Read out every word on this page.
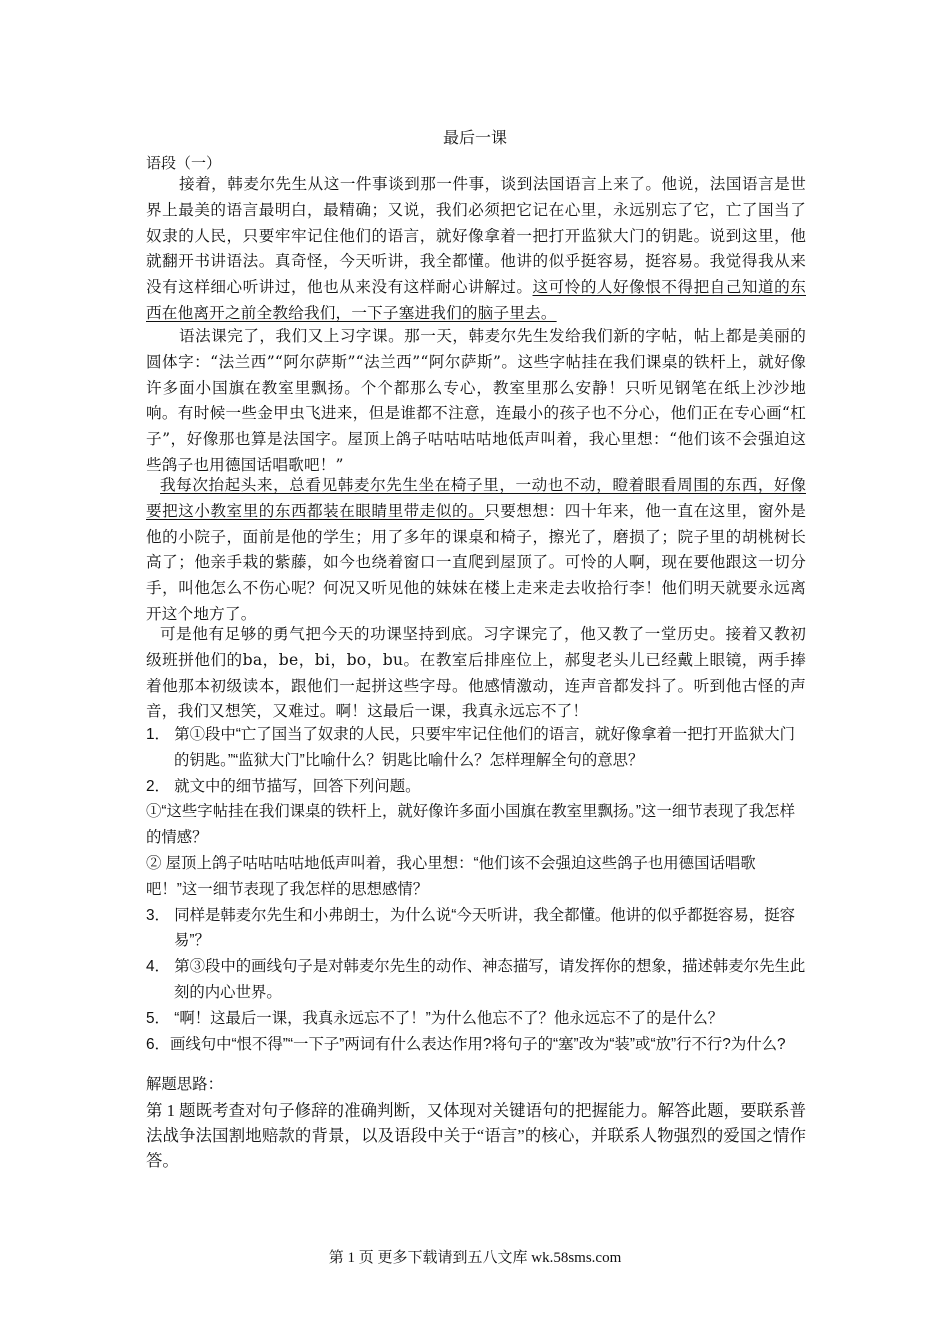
最后一课
语段（一）
接着，韩麦尔先生从这一件事谈到那一件事，谈到法国语言上来了。他说，法国语言是世界上最美的语言最明白，最精确；又说，我们必须把它记在心里，永远别忘了它，亡了国当了奴隶的人民，只要牢牢记住他们的语言，就好像拿着一把打开监狱大门的钥匙。说到这里，他就翻开书讲语法。真奇怪，今天听讲，我全都懂。他讲的似乎挺容易，挺容易。我觉得我从来没有这样细心听讲过，他也从来没有这样耐心讲解过。这可怜的人好像恨不得把自己知道的东西在他离开之前全教给我们，一下子塞进我们的脑子里去。
语法课完了，我们又上习字课。那一天，韩麦尔先生发给我们新的字帖，帖上都是美丽的圆体字：“法兰西”“阿尔萨斯”“法兰西”“阿尔萨斯”。这些字帖挂在我们课桌的铁杆上，就好像许多面小国旗在教室里飘扬。个个都那么专心，教室里那么安静！只听见钢笔在纸上沙沙地响。有时候一些金甲虫飞进来，但是谁都不注意，连最小的孩子也不分心，他们正在专心画“杠子”，好像那也算是法国字。屋顶上鸽子咕咕咕咕地低声叫着，我心里想：“他们该不会强迫这些鸽子也用德国话唱歌吧！”
我每次抬起头来，总看见韩麦尔先生坐在椅子里，一动也不动，瞪着眼看周围的东西，好像要把这小教室里的东西都装在眼睛里带走似的。只要想想：四十年来，他一直在这里，窗外是他的小院子，面前是他的学生；用了多年的课桌和椅子，擦光了，磨损了；院子里的胡桃树长高了；他亲手栽的紫藤，如今也绕着窗口一直爬到屋顶了。可怜的人啊，现在要他跟这一切分手，叫他怎么不伤心呢？何况又听见他的妹妹在楼上走来走去收拾行李！他们明天就要永远离开这个地方了。
可是他有足够的勇气把今天的功课坚持到底。习字课完了，他又教了一堂历史。接着又教初级班拼他们的ba，be，bi，bo，bu。在教室后排座位上，郝叟老头儿已经戴上眼镜，两手捧着他那本初级读本，跟他们一起拼这些字母。他感情激动，连声音都发抖了。听到他古怪的声音，我们又想笑，又难过。啊！这最后一课，我真永远忘不了！
1． 第①段中“亡了国当了奴隶的人民，只要牢牢记住他们的语言，就好像拿着一把打开监狱大门的钥匙。”“监狱大门”比喻什么？钥匙比喻什么？怎样理解全句的意思？
2． 就文中的细节描写，回答下列问题。
①“这些字帖挂在我们课桌的铁杆上，就好像许多面小国旗在教室里飘扬。”这一细节表现了我怎样的情感？
② 屋顶上鸽子咕咕咕咕地低声叫着，我心里想：“他们该不会强迫这些鸽子也用德国话唱歌吧！”这一细节表现了我怎样的思想感情？
3． 同样是韩麦尔先生和小弗朗士，为什么说“今天听讲，我全都懂。他讲的似乎都挺容易，挺容易”？
4． 第③段中的画线句子是对韩麦尔先生的动作、神态描写，请发挥你的想象，描述韩麦尔先生此刻的内心世界。
5． “啊！这最后一课，我真永远忘不了！”为什么他忘不了？他永远忘不了的是什么？
6．画线句中“恨不得”“一下子”两词有什么表达作用?将句子的“塞”改为“装”或“放”行不行?为什么?
解题思路：
第 1 题既考查对句子修辞的准确判断，又体现对关键语句的把握能力。解答此题，要联系普法战争法国割地赔款的背景，以及语段中关于“语言”的核心，并联系人物强烈的爱国之情作答。
第 1 页 更多下载请到五八文库 wk.58sms.com
